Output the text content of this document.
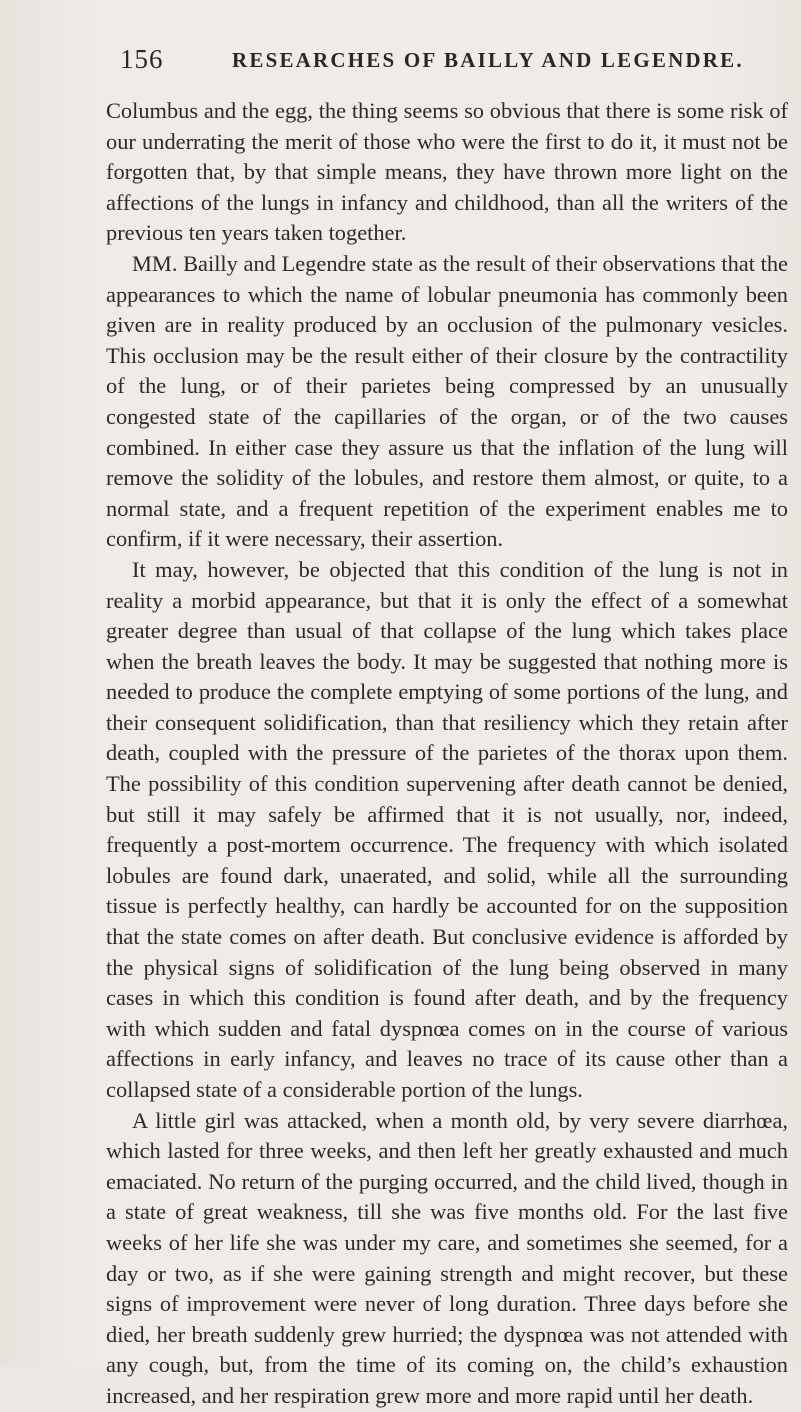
156	RESEARCHES OF BAILLY AND LEGENDRE.

Columbus and the egg, the thing seems so obvious that there is some risk of our underrating the merit of those who were the first to do it, it must not be forgotten that, by that simple means, they have thrown more light on the affections of the lungs in infancy and childhood, than all the writers of the previous ten years taken together.

MM. Bailly and Legendre state as the result of their observations that the appearances to which the name of lobular pneumonia has commonly been given are in reality produced by an occlusion of the pulmonary vesicles. This occlusion may be the result either of their closure by the contractility of the lung, or of their parietes being compressed by an unusually congested state of the capillaries of the organ, or of the two causes combined. In either case they assure us that the inflation of the lung will remove the solidity of the lobules, and restore them almost, or quite, to a normal state, and a frequent repetition of the experiment enables me to confirm, if it were necessary, their assertion.

It may, however, be objected that this condition of the lung is not in reality a morbid appearance, but that it is only the effect of a somewhat greater degree than usual of that collapse of the lung which takes place when the breath leaves the body. It may be suggested that nothing more is needed to produce the complete emptying of some portions of the lung, and their consequent solidification, than that resiliency which they retain after death, coupled with the pressure of the parietes of the thorax upon them. The possibility of this condition supervening after death cannot be denied, but still it may safely be affirmed that it is not usually, nor, indeed, frequently a post-mortem occurrence. The frequency with which isolated lobules are found dark, unaerated, and solid, while all the surrounding tissue is perfectly healthy, can hardly be accounted for on the supposition that the state comes on after death. But conclusive evidence is afforded by the physical signs of solidification of the lung being observed in many cases in which this condition is found after death, and by the frequency with which sudden and fatal dyspnœa comes on in the course of various affections in early infancy, and leaves no trace of its cause other than a collapsed state of a considerable portion of the lungs.

A little girl was attacked, when a month old, by very severe diarrhœa, which lasted for three weeks, and then left her greatly exhausted and much emaciated. No return of the purging occurred, and the child lived, though in a state of great weakness, till she was five months old. For the last five weeks of her life she was under my care, and sometimes she seemed, for a day or two, as if she were gaining strength and might recover, but these signs of improvement were never of long duration. Three days before she died, her breath suddenly grew hurried; the dyspnœa was not attended with any cough, but, from the time of its coming on, the child’s exhaustion increased, and her respiration grew more and more rapid until her death.
